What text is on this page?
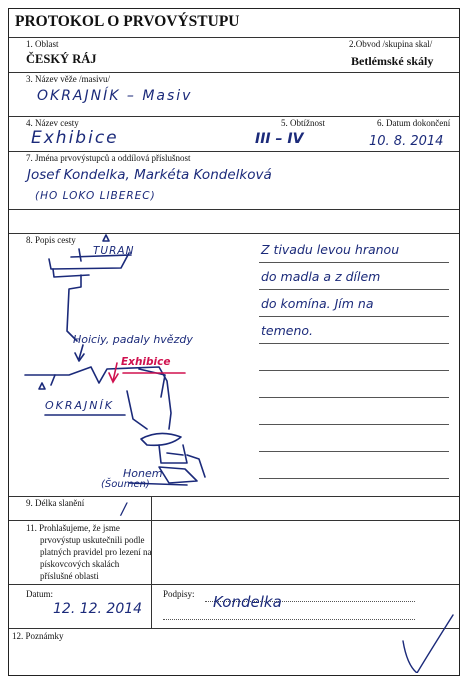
PROTOKOL O PRVOVÝSTUPU
1. Oblast	2.Obvod /skupina skal/
ČESKÝ RÁJ	Betlémské skály
3. Název věže /masivu/
OKRAJNÍK – Masiv
4. Název cesty	5. Obtížnost	6. Datum dokončení
Exhibice	III – IV	10. 8. 2014
7. Jména prvovýstupců a oddílová příslušnost
Josef Kondelka, Markéta Kondelková
(HO LOKO LIBEREC)
8. Popis cesty
Z tivadu levou hranou
do madla a z dílem
do komína. Jím na
temeno.
TURAN
Hoiciy, padaly hvězdy
Exhibice
OKRAJNÍK
Honem
(Šoumen)
9. Délka slanění /
11. Prohlašujeme, že jsme
prvovýstup uskutečnili podle
platných pravidel pro lezení na
pískovcových skalách
příslušné oblasti
Datum:
12. 12. 2014
Podpisy: Kondelka
12. Poznámky
